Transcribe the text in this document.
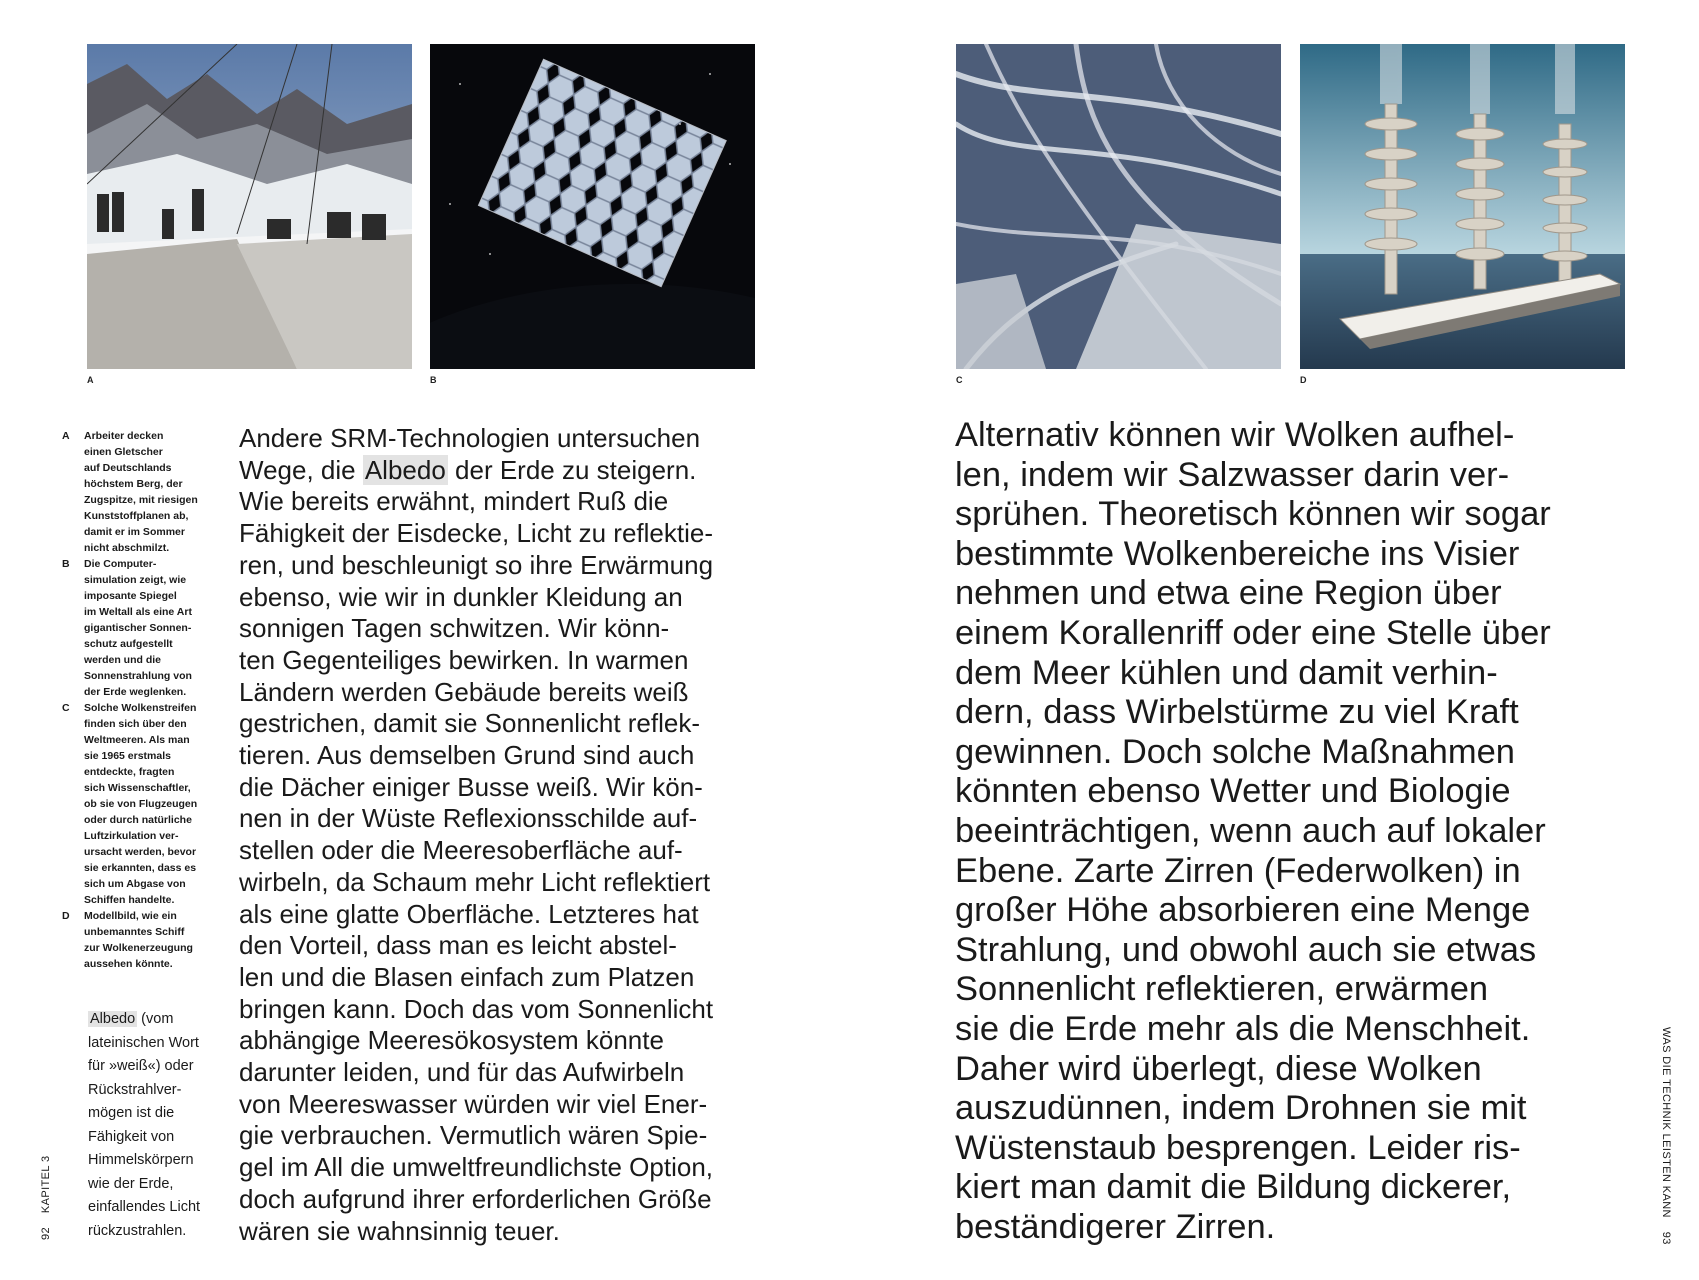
A	B	C	D
A	Arbeiter decken
einen Gletscher
auf Deutschlands
höchstem Berg, der
Zugspitze, mit riesigen
Kunststoffplanen ab,
damit er im Sommer
nicht abschmilzt.
B	Die Computer-
simulation zeigt, wie
imposante Spiegel
im Weltall als eine Art
gigantischer Sonnen-
schutz aufgestellt
werden und die
Sonnenstrahlung von
der Erde weglenken.
C	Solche Wolkenstreifen
finden sich über den
Weltmeeren. Als man
sie 1965 erstmals
entdeckte, fragten
sich Wissenschaftler,
ob sie von Flugzeugen
oder durch natürliche
Luftzirkulation ver-
ursacht werden, bevor
sie erkannten, dass es
sich um Abgase von
Schiffen handelte.
D	Modellbild, wie ein
unbemanntes Schiff
zur Wolkenerzeugung
aussehen könnte.
Albedo (vom
lateinischen Wort
für »weiß«) oder
Rückstrahlver-
mögen ist die
Fähigkeit von
Himmelskörpern
wie der Erde,
einfallendes Licht
rückzustrahlen.
Andere SRM-Technologien untersuchen
Wege, die Albedo der Erde zu steigern.
Wie bereits erwähnt, mindert Ruß die
Fähigkeit der Eisdecke, Licht zu reflektie-
ren, und beschleunigt so ihre Erwärmung
ebenso, wie wir in dunkler Kleidung an
sonnigen Tagen schwitzen. Wir könn-
ten Gegenteiliges bewirken. In warmen
Ländern werden Gebäude bereits weiß
gestrichen, damit sie Sonnenlicht reflek-
tieren. Aus demselben Grund sind auch
die Dächer einiger Busse weiß. Wir kön-
nen in der Wüste Reflexionsschilde auf-
stellen oder die Meeresoberfläche auf-
wirbeln, da Schaum mehr Licht reflektiert
als eine glatte Oberfläche. Letzteres hat
den Vorteil, dass man es leicht abstel-
len und die Blasen einfach zum Platzen
bringen kann. Doch das vom Sonnenlicht
abhängige Meeresökosystem könnte
darunter leiden, und für das Aufwirbeln
von Meereswasser würden wir viel Ener-
gie verbrauchen. Vermutlich wären Spie-
gel im All die umweltfreundlichste Option,
doch aufgrund ihrer erforderlichen Größe
wären sie wahnsinnig teuer.
Alternativ können wir Wolken aufhel-
len, indem wir Salzwasser darin ver-
sprühen. Theoretisch können wir sogar
bestimmte Wolkenbereiche ins Visier
nehmen und etwa eine Region über
einem Korallenriff oder eine Stelle über
dem Meer kühlen und damit verhin-
dern, dass Wirbelstürme zu viel Kraft
gewinnen. Doch solche Maßnahmen
könnten ebenso Wetter und Biologie
beeinträchtigen, wenn auch auf lokaler
Ebene. Zarte Zirren (Federwolken) in
großer Höhe absorbieren eine Menge
Strahlung, und obwohl auch sie etwas
Sonnenlicht reflektieren, erwärmen
sie die Erde mehr als die Menschheit.
Daher wird überlegt, diese Wolken
auszudünnen, indem Drohnen sie mit
Wüstenstaub besprengen. Leider ris-
kiert man damit die Bildung dickerer,
beständigerer Zirren.
92    KAPITEL 3	WAS DIE TECHNIK LEISTEN KANN    93
